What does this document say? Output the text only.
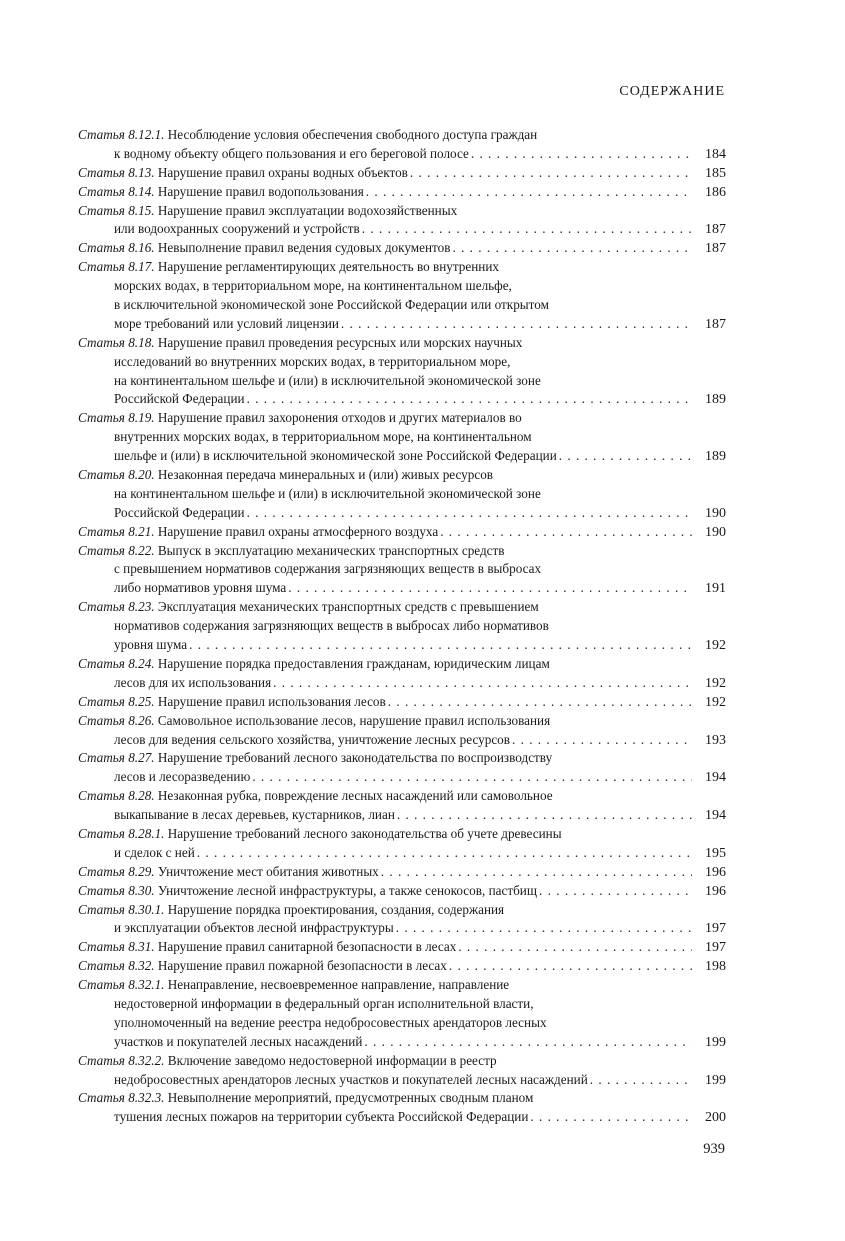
СОДЕРЖАНИЕ
Статья 8.12.1. Несоблюдение условия обеспечения свободного доступа граждан
к водному объекту общего пользования и его береговой полосе . . .	184
Статья 8.13. Нарушение правил охраны водных объектов . . .	185
Статья 8.14. Нарушение правил водопользования . . .	186
Статья 8.15. Нарушение правил эксплуатации водохозяйственных
или водоохранных сооружений и устройств . . .	187
Статья 8.16. Невыполнение правил ведения судовых документов . . .	187
Статья 8.17. Нарушение регламентирующих деятельность во внутренних
морских водах, в территориальном море, на континентальном шельфе,
в исключительной экономической зоне Российской Федерации или открытом
море требований или условий лицензии . . .	187
Статья 8.18. Нарушение правил проведения ресурсных или морских научных
исследований во внутренних морских водах, в территориальном море,
на континентальном шельфе и (или) в исключительной экономической зоне
Российской Федерации . . .	189
Статья 8.19. Нарушение правил захоронения отходов и других материалов во
внутренних морских водах, в территориальном море, на континентальном
шельфе и (или) в исключительной экономической зоне Российской Федерации . . .	189
Статья 8.20. Незаконная передача минеральных и (или) живых ресурсов
на континентальном шельфе и (или) в исключительной экономической зоне
Российской Федерации . . .	190
Статья 8.21. Нарушение правил охраны атмосферного воздуха . . .	190
Статья 8.22. Выпуск в эксплуатацию механических транспортных средств
с превышением нормативов содержания загрязняющих веществ в выбросах
либо нормативов уровня шума . . .	191
Статья 8.23. Эксплуатация механических транспортных средств с превышением
нормативов содержания загрязняющих веществ в выбросах либо нормативов
уровня шума . . .	192
Статья 8.24. Нарушение порядка предоставления гражданам, юридическим лицам
лесов для их использования . . .	192
Статья 8.25. Нарушение правил использования лесов . . .	192
Статья 8.26. Самовольное использование лесов, нарушение правил использования
лесов для ведения сельского хозяйства, уничтожение лесных ресурсов . . .	193
Статья 8.27. Нарушение требований лесного законодательства по воспроизводству
лесов и лесоразведению . . .	194
Статья 8.28. Незаконная рубка, повреждение лесных насаждений или самовольное
выкапывание в лесах деревьев, кустарников, лиан . . .	194
Статья 8.28.1. Нарушение требований лесного законодательства об учете древесины
и сделок с ней . . .	195
Статья 8.29. Уничтожение мест обитания животных . . .	196
Статья 8.30. Уничтожение лесной инфраструктуры, а также сенокосов, пастбищ . . .	196
Статья 8.30.1. Нарушение порядка проектирования, создания, содержания
и эксплуатации объектов лесной инфраструктуры . . .	197
Статья 8.31. Нарушение правил санитарной безопасности в лесах . . .	197
Статья 8.32. Нарушение правил пожарной безопасности в лесах . . .	198
Статья 8.32.1. Ненаправление, несвоевременное направление, направление
недостоверной информации в федеральный орган исполнительной власти,
уполномоченный на ведение реестра недобросовестных арендаторов лесных
участков и покупателей лесных насаждений . . .	199
Статья 8.32.2. Включение заведомо недостоверной информации в реестр
недобросовестных арендаторов лесных участков и покупателей лесных насаждений . . .	199
Статья 8.32.3. Невыполнение мероприятий, предусмотренных сводным планом
тушения лесных пожаров на территории субъекта Российской Федерации . . .	200
939
